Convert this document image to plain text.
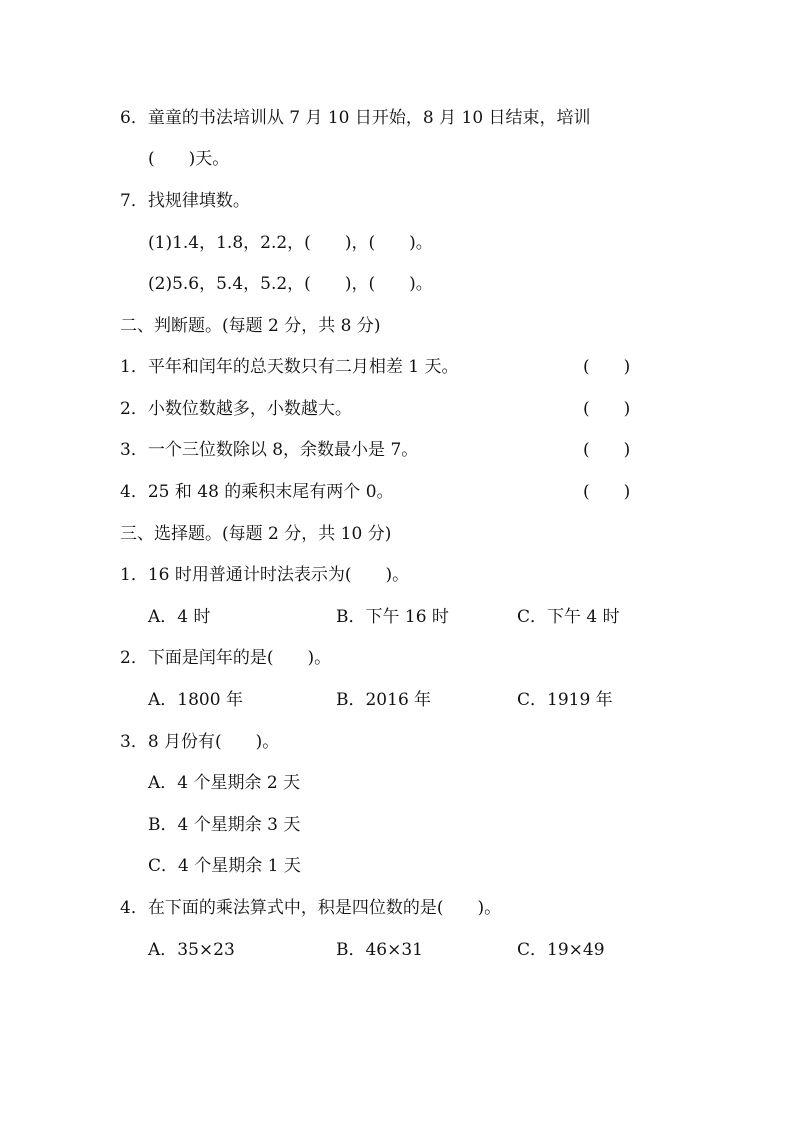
6．童童的书法培训从 7 月 10 日开始，8 月 10 日结束，培训
(　　)天。
7．找规律填数。
(1)1.4，1.8，2.2，(　　)，(　　)。
(2)5.6，5.4，5.2，(　　)，(　　)。
二、判断题。(每题 2 分，共 8 分)
1．平年和闰年的总天数只有二月相差 1 天。	(　　)
2．小数位数越多，小数越大。	(　　)
3．一个三位数除以 8，余数最小是 7。	(　　)
4．25 和 48 的乘积末尾有两个 0。	(　　)
三、选择题。(每题 2 分，共 10 分)
1．16 时用普通计时法表示为(　　)。
A．4 时	B．下午 16 时	C．下午 4 时
2．下面是闰年的是(　　)。
A．1800 年	B．2016 年	C．1919 年
3．8 月份有(　　)。
A．4 个星期余 2 天
B．4 个星期余 3 天
C．4 个星期余 1 天
4．在下面的乘法算式中，积是四位数的是(　　)。
A．35×23	B．46×31	C．19×49
